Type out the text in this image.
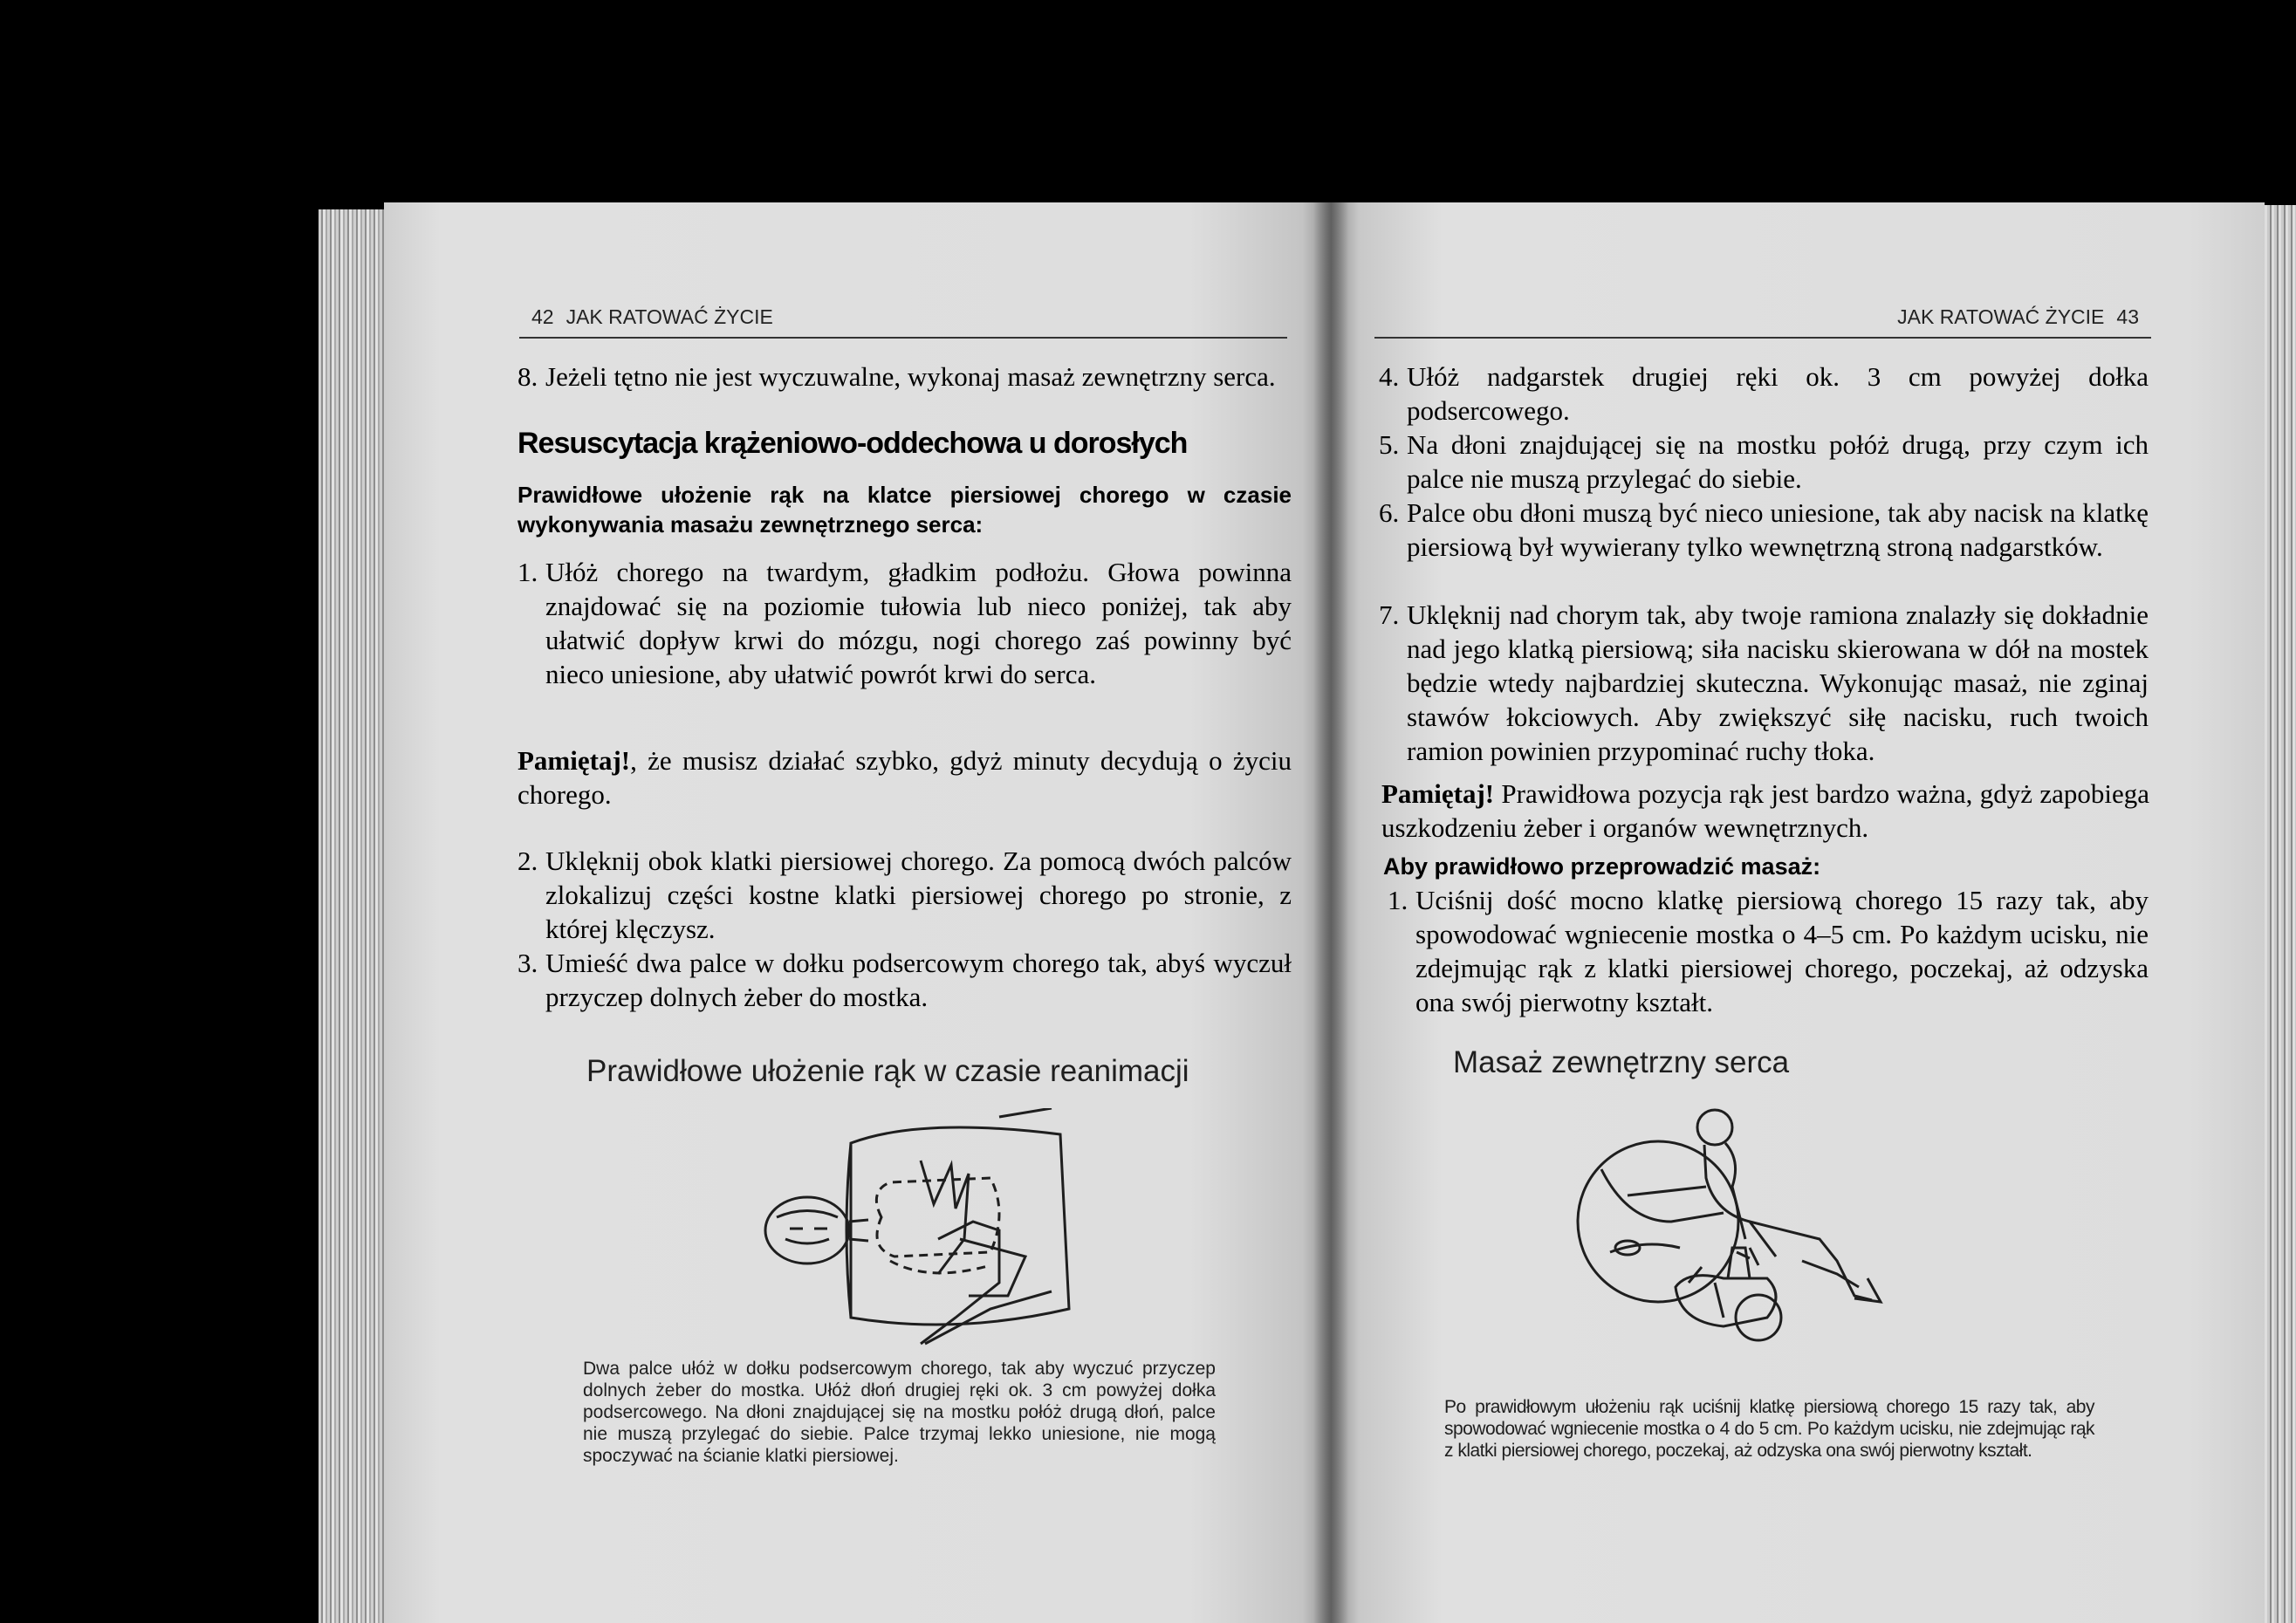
42 JAK RATOWAĆ ŻYCIE	JAK RATOWAĆ ŻYCIE 43
8. Jeżeli tętno nie jest wyczuwalne, wykonaj masaż zewnętrzny serca.
Resuscytacja krążeniowo-oddechowa u dorosłych
Prawidłowe ułożenie rąk na klatce piersiowej chorego w czasie wykonywania masażu zewnętrznego serca:
1. Ułóż chorego na twardym, gładkim podłożu. Głowa powinna znajdować się na poziomie tułowia lub nieco poniżej, tak aby ułatwić dopływ krwi do mózgu, nogi chorego zaś powinny być nieco uniesione, aby ułatwić powrót krwi do serca.
Pamiętaj!, że musisz działać szybko, gdyż minuty decydują o życiu chorego.
2. Uklęknij obok klatki piersiowej chorego. Za pomocą dwóch palców zlokalizuj części kostne klatki piersiowej chorego po stronie, z której klęczysz.
3. Umieść dwa palce w dołku podsercowym chorego tak, abyś wyczuł przyczep dolnych żeber do mostka.
Prawidłowe ułożenie rąk w czasie reanimacji
Dwa palce ułóż w dołku podsercowym chorego, tak aby wyczuć przyczep dolnych żeber do mostka. Ułóż dłoń drugiej ręki ok. 3 cm powyżej dołka podsercowego. Na dłoni znajdującej się na mostku połóż drugą dłoń, palce nie muszą przylegać do siebie. Palce trzymaj lekko uniesione, nie mogą spoczywać na ścianie klatki piersiowej.
4. Ułóż nadgarstek drugiej ręki ok. 3 cm powyżej dołka podsercowego.
5. Na dłoni znajdującej się na mostku połóż drugą, przy czym ich palce nie muszą przylegać do siebie.
6. Palce obu dłoni muszą być nieco uniesione, tak aby nacisk na klatkę piersiową był wywierany tylko wewnętrzną stroną nadgarstków.
7. Uklęknij nad chorym tak, aby twoje ramiona znalazły się dokładnie nad jego klatką piersiową; siła nacisku skierowana w dół na mostek będzie wtedy najbardziej skuteczna. Wykonując masaż, nie zginaj stawów łokciowych. Aby zwiększyć siłę nacisku, ruch twoich ramion powinien przypominać ruchy tłoka.
Pamiętaj! Prawidłowa pozycja rąk jest bardzo ważna, gdyż zapobiega uszkodzeniu żeber i organów wewnętrznych.
Aby prawidłowo przeprowadzić masaż:
1. Uciśnij dość mocno klatkę piersiową chorego 15 razy tak, aby spowodować wgniecenie mostka o 4–5 cm. Po każdym ucisku, nie zdejmując rąk z klatki piersiowej chorego, poczekaj, aż odzyska ona swój pierwotny kształt.
Masaż zewnętrzny serca
Po prawidłowym ułożeniu rąk uciśnij klatkę piersiową chorego 15 razy tak, aby spowodować wgniecenie mostka o 4 do 5 cm. Po każdym ucisku, nie zdejmując rąk z klatki piersiowej chorego, poczekaj, aż odzyska ona swój pierwotny kształt.
